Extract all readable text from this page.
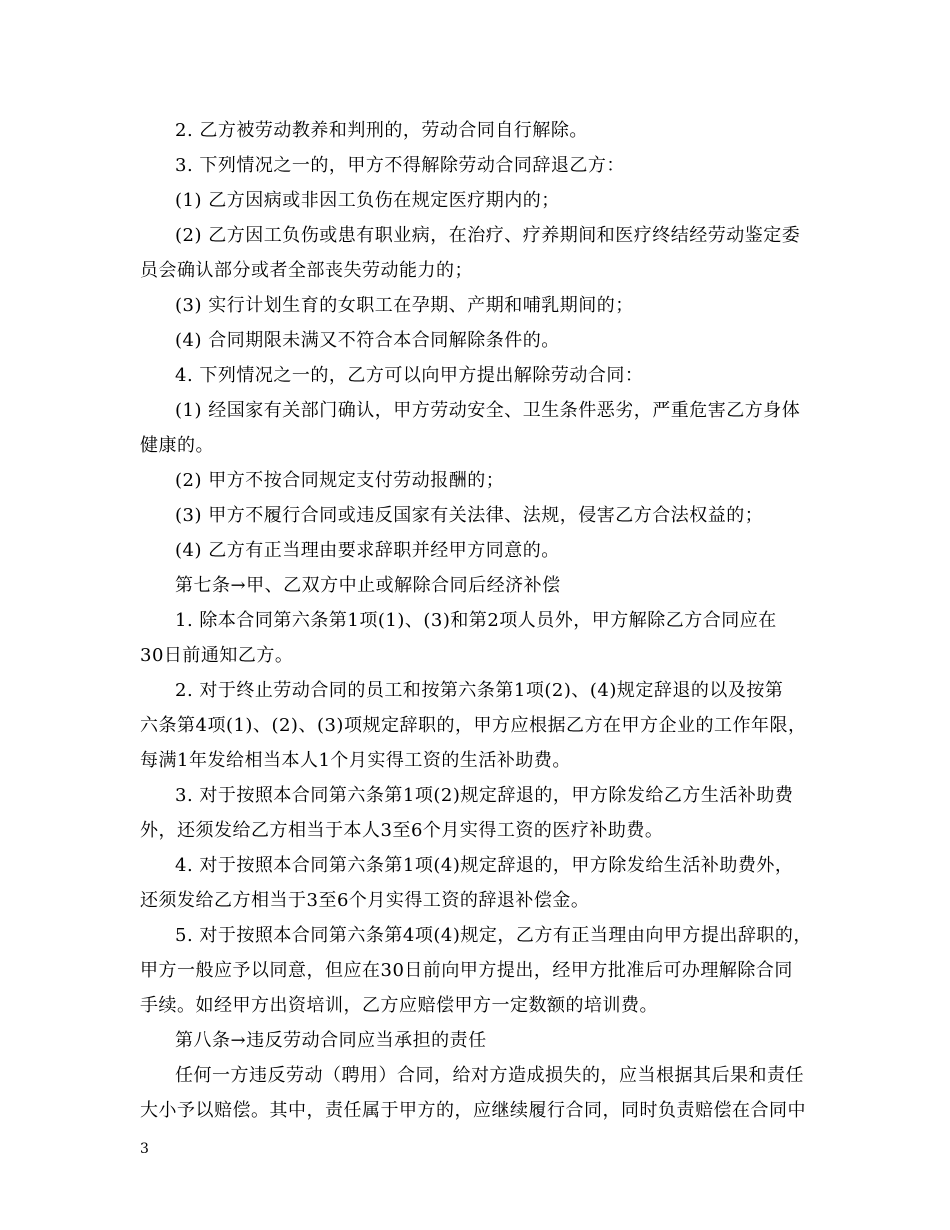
2. 乙方被劳动教养和判刑的，劳动合同自行解除。
3. 下列情况之一的，甲方不得解除劳动合同辞退乙方：
(1) 乙方因病或非因工负伤在规定医疗期内的；
(2) 乙方因工负伤或患有职业病，在治疗、疗养期间和医疗终结经劳动鉴定委
员会确认部分或者全部丧失劳动能力的；
(3) 实行计划生育的女职工在孕期、产期和哺乳期间的；
(4) 合同期限未满又不符合本合同解除条件的。
4. 下列情况之一的，乙方可以向甲方提出解除劳动合同：
(1) 经国家有关部门确认，甲方劳动安全、卫生条件恶劣，严重危害乙方身体
健康的。
(2) 甲方不按合同规定支付劳动报酬的；
(3) 甲方不履行合同或违反国家有关法律、法规，侵害乙方合法权益的；
(4) 乙方有正当理由要求辞职并经甲方同意的。
第七条→甲、乙双方中止或解除合同后经济补偿
1. 除本合同第六条第1项(1)、(3)和第2项人员外，甲方解除乙方合同应在
30日前通知乙方。
2. 对于终止劳动合同的员工和按第六条第1项(2)、(4)规定辞退的以及按第
六条第4项(1)、(2)、(3)项规定辞职的，甲方应根据乙方在甲方企业的工作年限，
每满1年发给相当本人1个月实得工资的生活补助费。
3. 对于按照本合同第六条第1项(2)规定辞退的，甲方除发给乙方生活补助费
外，还须发给乙方相当于本人3至6个月实得工资的医疗补助费。
4. 对于按照本合同第六条第1项(4)规定辞退的，甲方除发给生活补助费外，
还须发给乙方相当于3至6个月实得工资的辞退补偿金。
5. 对于按照本合同第六条第4项(4)规定，乙方有正当理由向甲方提出辞职的，
甲方一般应予以同意，但应在30日前向甲方提出，经甲方批准后可办理解除合同
手续。如经甲方出资培训，乙方应赔偿甲方一定数额的培训费。
第八条→违反劳动合同应当承担的责任
任何一方违反劳动（聘用）合同，给对方造成损失的，应当根据其后果和责任
大小予以赔偿。其中，责任属于甲方的，应继续履行合同，同时负责赔偿在合同中
3
